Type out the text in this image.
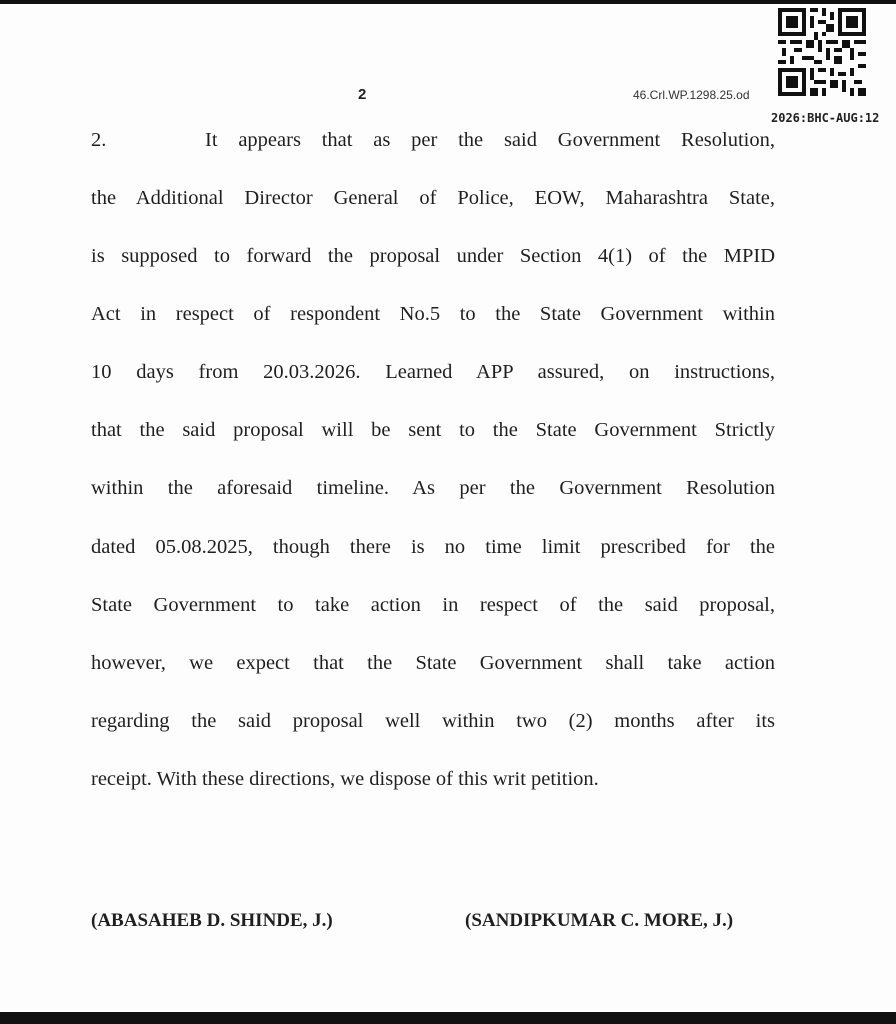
2	46.Crl.WP.1298.25.od
2026:BHC-AUG:12
2.	It appears that as per the said Government Resolution,
the Additional Director General of Police, EOW, Maharashtra State,
is supposed to forward the proposal under Section 4(1) of the MPID
Act in respect of respondent No.5 to the State Government within
10 days from 20.03.2026. Learned APP assured, on instructions,
that the said proposal will be sent to the State Government Strictly
within the aforesaid timeline. As per the Government Resolution
dated 05.08.2025, though there is no time limit prescribed for the
State Government to take action in respect of the said proposal,
however, we expect that the State Government shall take action
regarding the said proposal well within two (2) months after its
receipt. With these directions, we dispose of this writ petition.
(ABASAHEB D. SHINDE, J.)	(SANDIPKUMAR C. MORE, J.)
